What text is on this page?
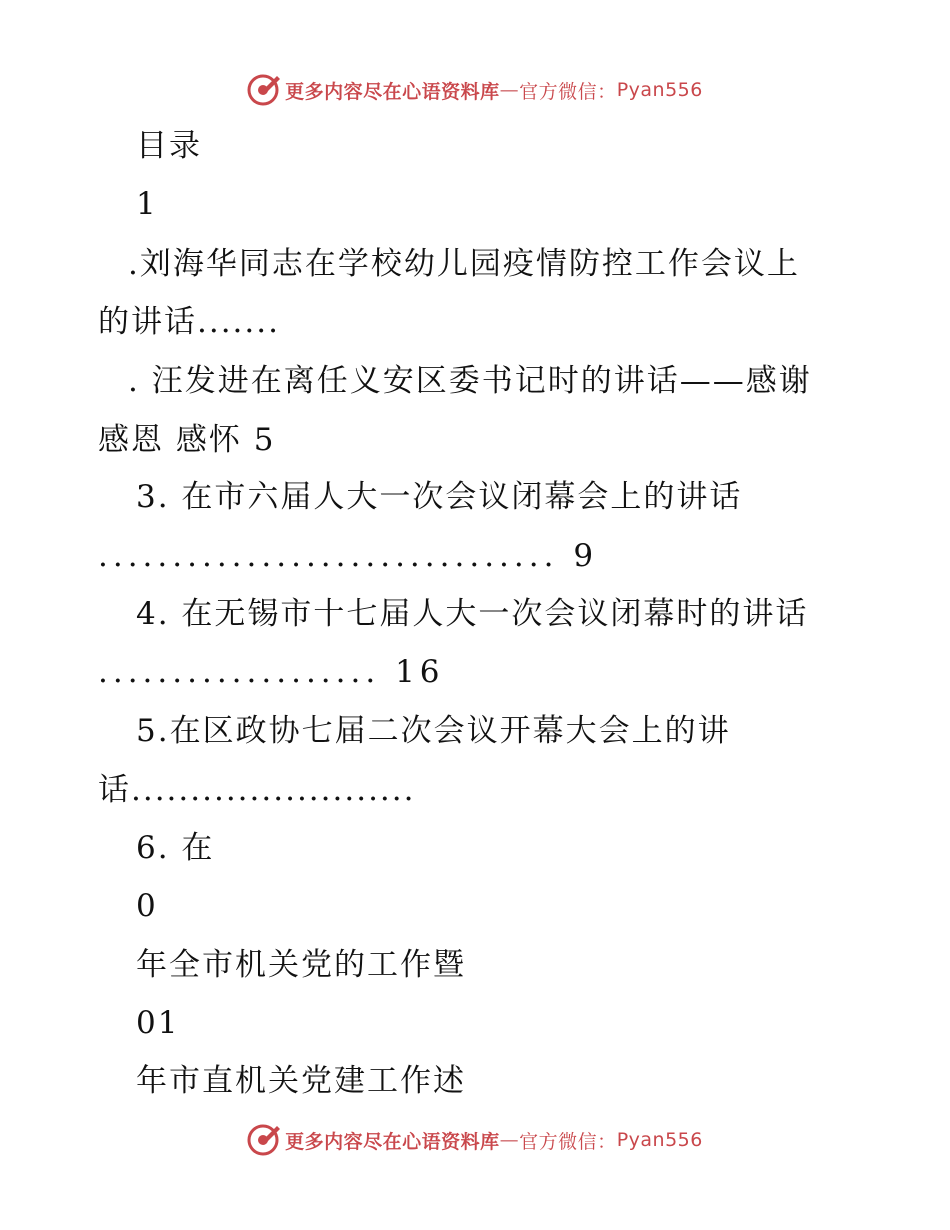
更多内容尽在心语资料库 — 官方微信： Pyan556
目录
1
.刘海华同志在学校幼儿园疫情防控工作会议上
的讲话.......
. 汪发进在离任义安区委书记时的讲话——感谢
感恩 感怀 5
3. 在市六届人大一次会议闭幕会上的讲话
............................... 9
4. 在无锡市十七届人大一次会议闭幕时的讲话
................... 16
5.在区政协七届二次会议开幕大会上的讲
话........................
6. 在
0
年全市机关党的工作暨
01
年市直机关党建工作述
更多内容尽在心语资料库 — 官方微信： Pyan556
